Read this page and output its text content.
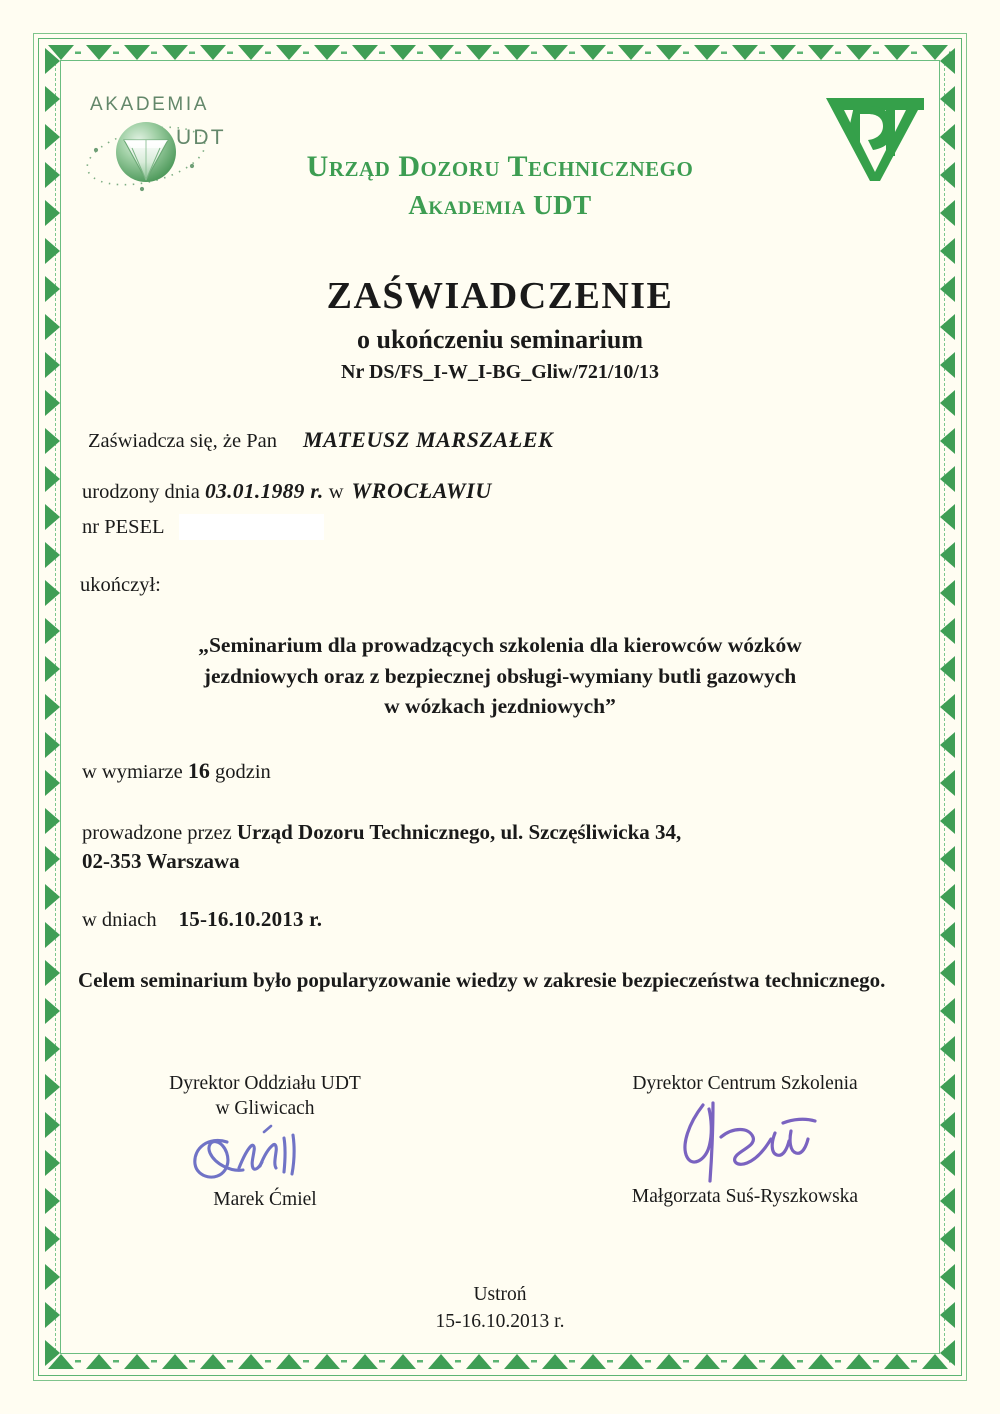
AKADEMIA
UDT
Urząd Dozoru Technicznego
Akademia UDT
ZAŚWIADCZENIE
o ukończeniu seminarium
Nr DS/FS_I-W_I-BG_Gliw/721/10/13

Zaświadcza się, że Pan MATEUSZ MARSZAŁEK

urodzony dnia 03.01.1989 r. w WROCŁAWIU

nr PESEL

ukończył:

„Seminarium dla prowadzących szkolenia dla kierowców wózków
jezdniowych oraz z bezpiecznej obsługi-wymiany butli gazowych
w wózkach jezdniowych”

w wymiarze 16 godzin

prowadzone przez Urząd Dozoru Technicznego, ul. Szczęśliwicka 34,
02-353 Warszawa

w dniach 15-16.10.2013 r.

Celem seminarium było popularyzowanie wiedzy w zakresie bezpieczeństwa technicznego.

Dyrektor Oddziału UDT
w Gliwicach
Marek Ćmiel
Dyrektor Centrum Szkolenia
Małgorzata Suś-Ryszkowska
Ustroń
15-16.10.2013 r.
